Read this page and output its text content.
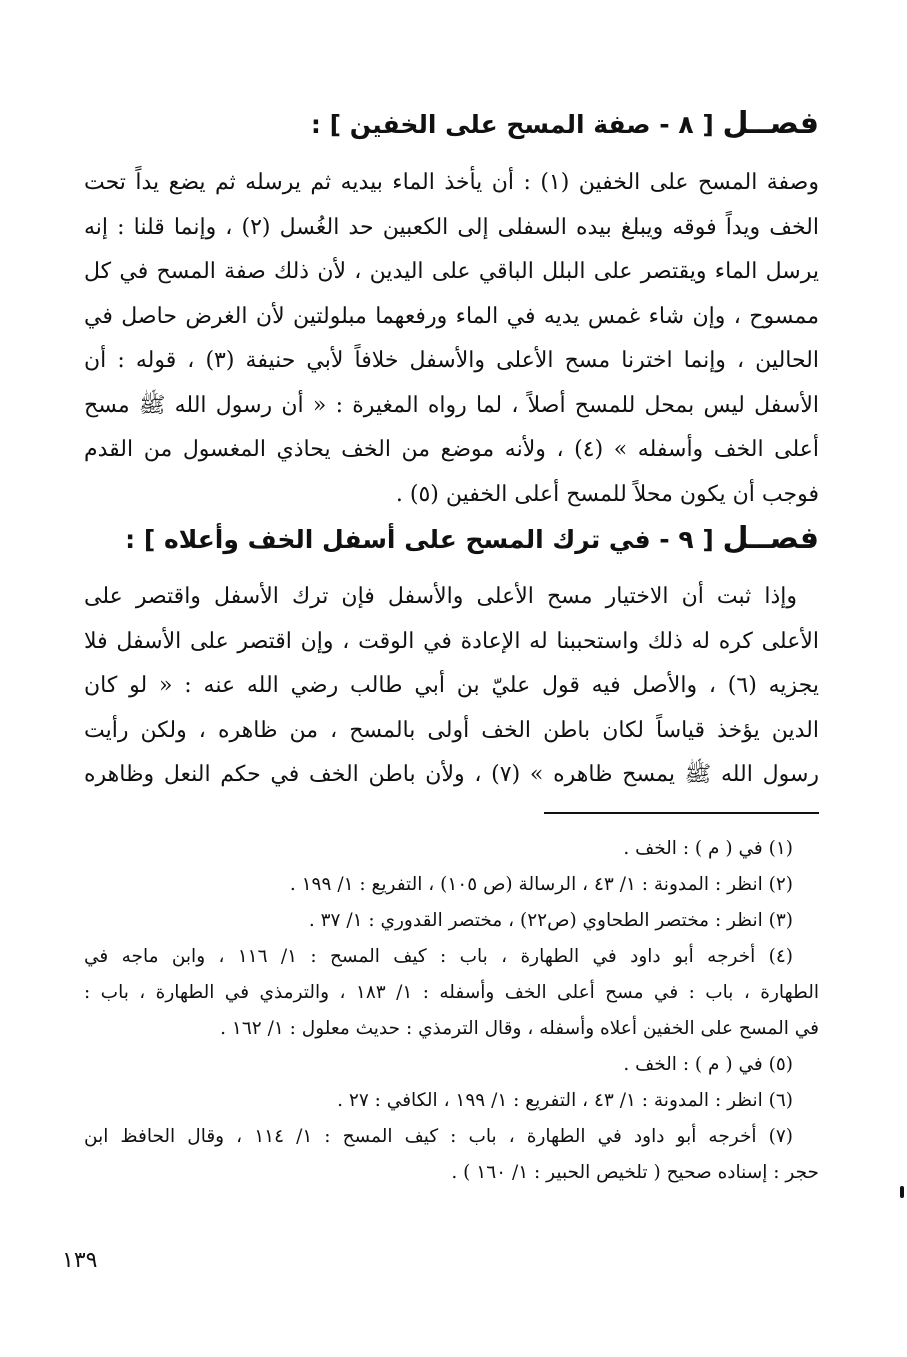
فصــل [ ٨ - صفة المسح على الخفين ] :
وصفة المسح على الخفين (١) : أن يأخذ الماء بيديه ثم يرسله ثم يضع يداً تحت
الخف ويداً فوقه ويبلغ بيده السفلى إلى الكعبين حد الغُسل (٢) ، وإنما قلنا : إنه
يرسل الماء ويقتصر على البلل الباقي على اليدين ، لأن ذلك صفة المسح في كل
ممسوح ، وإن شاء غمس يديه في الماء ورفعهما مبلولتين لأن الغرض حاصل في
الحالين ، وإنما اخترنا مسح الأعلى والأسفل خلافاً لأبي حنيفة (٣) ، قوله : أن
الأسفل ليس بمحل للمسح أصلاً ، لما رواه المغيرة : « أن رسول الله ﷺ مسح
أعلى الخف وأسفله » (٤) ، ولأنه موضع من الخف يحاذي المغسول من القدم
فوجب أن يكون محلاً للمسح أعلى الخفين (٥) .
فصــل [ ٩ - في ترك المسح على أسفل الخف وأعلاه ] :
وإذا ثبت أن الاختيار مسح الأعلى والأسفل فإن ترك الأسفل واقتصر على
الأعلى كره له ذلك واستحببنا له الإعادة في الوقت ، وإن اقتصر على الأسفل فلا
يجزيه (٦) ، والأصل فيه قول عليّ بن أبي طالب رضي الله عنه : « لو كان
الدين يؤخذ قياساً لكان باطن الخف أولى بالمسح ، من ظاهره ، ولكن رأيت
رسول الله ﷺ يمسح ظاهره » (٧) ، ولأن باطن الخف في حكم النعل وظاهره
(١) في ( م ) : الخف .
(٢) انظر : المدونة : ١/ ٤٣ ، الرسالة (ص ١٠٥) ، التفريع : ١/ ١٩٩ .
(٣) انظر : مختصر الطحاوي (ص٢٢) ، مختصر القدوري : ١/ ٣٧ .
(٤) أخرجه أبو داود في الطهارة ، باب : كيف المسح : ١/ ١١٦ ، وابن ماجه في
الطهارة ، باب : في مسح أعلى الخف وأسفله : ١/ ١٨٣ ، والترمذي في الطهارة ، باب :
في المسح على الخفين أعلاه وأسفله ، وقال الترمذي : حديث معلول : ١/ ١٦٢ .
(٥) في ( م ) : الخف .
(٦) انظر : المدونة : ١/ ٤٣ ، التفريع : ١/ ١٩٩ ، الكافي : ٢٧ .
(٧) أخرجه أبو داود في الطهارة ، باب : كيف المسح : ١/ ١١٤ ، وقال الحافظ ابن
حجر : إسناده صحيح ( تلخيص الحبير : ١/ ١٦٠ ) .
١٣٩
